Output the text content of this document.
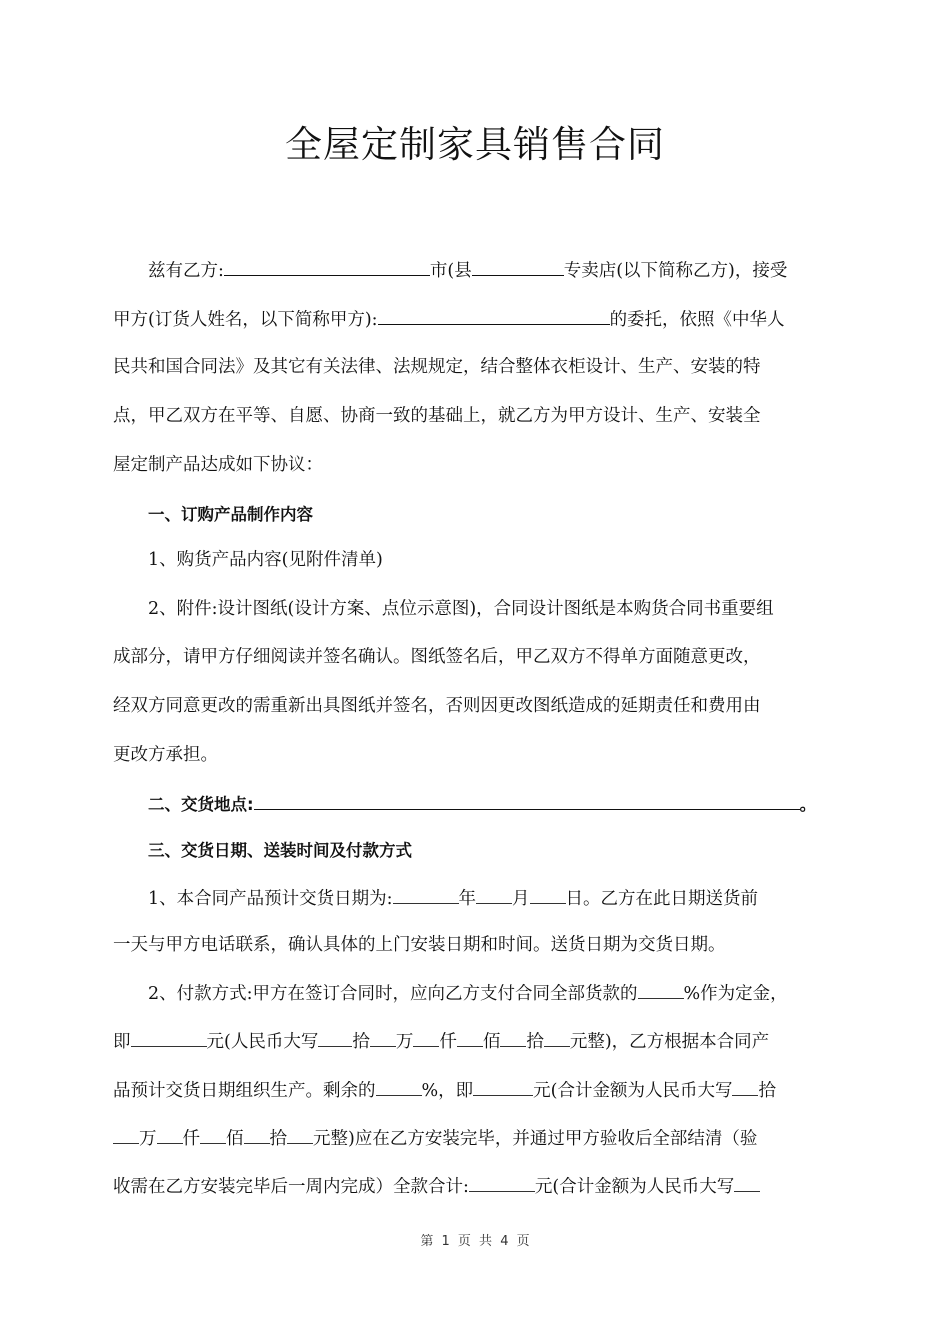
全屋定制家具销售合同
兹有乙方:	市(县	专卖店(以下简称乙方)，接受
甲方(订货人姓名，以下简称甲方):	的委托，依照《中华人
民共和国合同法》及其它有关法律、法规规定，结合整体衣柜设计、生产、安装的特
点，甲乙双方在平等、自愿、协商一致的基础上，就乙方为甲方设计、生产、安装全
屋定制产品达成如下协议：
一、订购产品制作内容
1、购货产品内容(见附件清单)
2、附件:设计图纸(设计方案、点位示意图)，合同设计图纸是本购货合同书重要组
成部分，请甲方仔细阅读并签名确认。图纸签名后，甲乙双方不得单方面随意更改，
经双方同意更改的需重新出具图纸并签名，否则因更改图纸造成的延期责任和费用由
更改方承担。
二、交货地点:	。
三、交货日期、送装时间及付款方式
1、本合同产品预计交货日期为:	年 月 日。乙方在此日期送货前
一天与甲方电话联系，确认具体的上门安装日期和时间。送货日期为交货日期。
2、付款方式:甲方在签订合同时，应向乙方支付合同全部货款的	%作为定金，
即	元(人民币大写 拾 万 仟 佰 拾 元整)，乙方根据本合同产
品预计交货日期组织生产。剩余的	%，即	元(合计金额为人民币大写 拾
万 仟 佰 拾 元整)应在乙方安装完毕，并通过甲方验收后全部结清（验
收需在乙方安装完毕后一周内完成）全款合计:	元(合计金额为人民币大写
第 1 页 共 4 页
